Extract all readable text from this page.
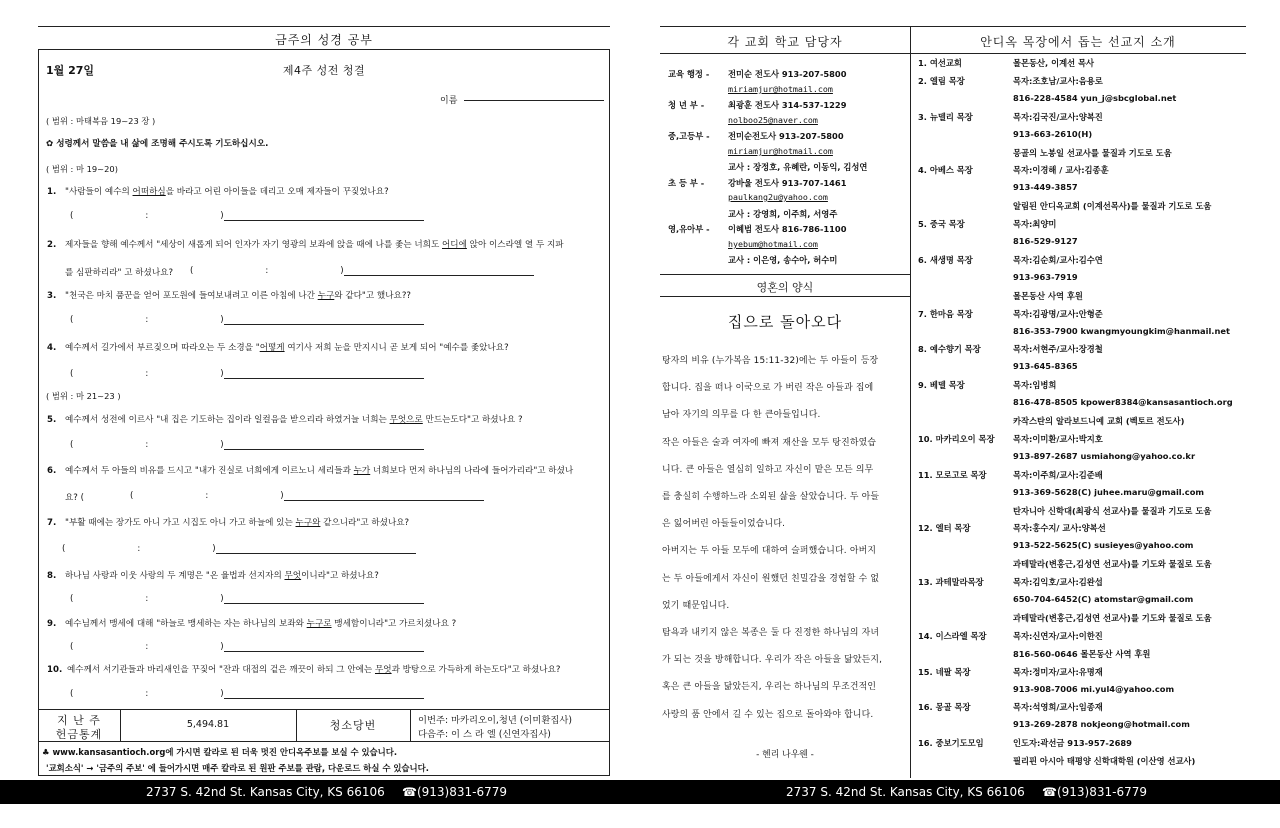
금주의 성경 공부
1월 27일	제4주 성전 청결
이름
( 범위 : 마태복음 19~23 장 )
✿ 성령께서 말씀을 내 삶에 조명해 주시도록 기도하십시오.
( 범위 : 마 19~20)
1. "사람들이 예수의 어떠하심을 바라고 어린 아이들을 데리고 오매 제자들이 꾸짖었나요?
(	:	)
2. 제자들을 향해 예수께서 "세상이 새롭게 되어 인자가 자기 영광의 보좌에 앉을 때에 나를 좇는 너희도 어디에 앉아 이스라엘 열 두 지파
(	:	)
를 심판하리라" 고 하셨나요?
3. "천국은 마치 품꾼을 얻어 포도원에 들여보내려고 이른 아침에 나간 누구와 같다"고 했나요??
(	:	)
4. 예수께서 길가에서 부르짖으며 따라오는 두 소경을 "어떻게 여기사 저희 눈을 만지시니 곧 보게 되어 "예수를 좇았나요?
(	:	)
5. 예수께서 성전에 이르사 "내 집은 기도하는 집이라 일컬음을 받으리라 하였거늘 너희는 무엇으로 만드는도다"고 하셨나요 ?
(	:	)
6. 예수께서 두 아들의 비유를 드시고 "내가 진실로 너희에게 이르노니 세리들과 누가 너희보다 먼저 하나님의 나라에 들어가리라"고 하셨나
(	:	)
요? (
7. "부활 때에는 장가도 아니 가고 시집도 아니 가고 하늘에 있는 누구와 같으니라"고 하셨나요?
(	:	)
8. 하나님 사랑과 이웃 사랑의 두 계명은 "온 율법과 선지자의 무엇이니라"고 하셨나요?
(	:	)
9. 예수님께서 맹세에 대해 "하늘로 맹세하는 자는 하나님의 보좌와 누구로 맹세함이니라"고 가르치셨나요 ?
(	:	)
10. 예수께서 서기관들과 바리새인을 꾸짖어 "잔과 대접의 겉은 깨끗이 하되 그 안에는 무엇과 방탕으로 가득하게 하는도다"고 하셨나요?
(	:	)
( 범위 : 마 21~23 )
지 난 주
헌금통계
5,494.81	청소당번	이번주: 마카리오이,청년 (이미환집사)
다음주: 이 스 라 엘 (신연자집사)
♣ www.kansasantioch.org에 가시면 칼라로 된 더욱 멋진 안디옥주보를 보실 수 있습니다.
'교회소식' → '금주의 주보' 에 들어가시면 매주 칼라로 된 원판 주보를 관람, 다운로드 하실 수 있습니다.
각 교회 학교 담당자
교육 행정 -전미순 전도사 913-207-5800
miriamjur@hotmail.com
청 년 부 -	최광훈 전도사 314-537-1229
nolboo25@naver.com
중,고등부 -전미순전도사 913-207-5800
miriamjur@hotmail.com
교사 : 장정호, 유혜란, 이동익, 김성연
초 등 부 -	강바울 전도사 913-707-1461
paulkang2u@yahoo.com
교사 : 강영희, 이주희, 서영주
영,유아부 -이혜범 전도사 816-786-1100
hyebum@hotmail.com
교사 : 이은영, 송수아, 허수미
영혼의 양식
집으로 돌아오다
탕자의 비유 (누가복음 15:11-32)에는 두 아들이 등장
합니다. 집을 떠나 이국으로 가 버린 작은 아들과 집에
남아 자기의 의무를 다 한 큰아들입니다.
작은 아들은 술과 여자에 빠져 재산을 모두 탕진하였습
니다. 큰 아들은 열심히 일하고 자신이 맡은 모든 의무
를 충실히 수행하느라 소외된 삶을 살았습니다. 두 아들
은 잃어버린 아들들이었습니다.
아버지는 두 아들 모두에 대하여 슬퍼했습니다. 아버지
는 두 아들에게서 자신이 원했던 친밀감을 경험할 수 없
었기 때문입니다.
탐욕과 내키지 않은 복종은 둘 다 진정한 하나님의 자녀
가 되는 것을 방해합니다. 우리가 작은 아들을 닮았든지,
혹은 큰 아들을 닮았든지, 우리는 하나님의 무조건적인
사랑의 품 안에서 길 수 있는 집으로 돌아와야 합니다.
- 헨리 나우웬 -
안디옥 목장에서 돕는 선교지 소개
1. 여선교회	몰몬동산, 이계선 목사
2. 엘림 목장	목자:조호남/교사:음용로
816-228-4584 yun_j@sbcglobal.net
3. 뉴델리 목장	목자:김국진/교사:양복진
913-663-2610(H)
몽골의 노봉일 선교사를 물질과 기도로 도움
4. 아베스 목장	목자:이경해 / 교사:김종훈
913-449-3857
알림된 안디옥교회 (이계선목사)를 물질과 기도로 도움
5. 중국 목장	목자:최양미
816-529-9127
6. 새생명 목장	목자:김순회/교사:김수연
913-963-7919
몰몬동산 사역 후원
7. 한마음 목장	목자:김광명/교사:안형준
816-353-7900 kwangmyoungkim@hanmail.net
8. 예수향기 목장	목자:서현주/교사:장경철
913-645-8365
9. 베델 목장	목자:임병희
816-478-8505 kpower8384@kansasantioch.org
카작스탄의 알라보드니예 교회 (벡토르 전도사)
10. 마카리오이 목장 목자:이미환/교사:박지호
913-897-2687 usmiahong@yahoo.co.kr
11. 모로고로 목장	목자:이주희/교사:김준배
913-369-5628(C) juhee.maru@gmail.com
탄자니아 신학대(최광식 선교사)를 물질과 기도로 도움
12. 엘터 목장	목자:홍수지/ 교사:양복선
913-522-5625(C) susieyes@yahoo.com
과테말라(변홍근,김성연 선교사)를 기도와 물질로 도움
13. 과테말라목장	목자:김익호/교사:김완섭
650-704-6452(C) atomstar@gmail.com
과테말라(변홍근,김성연 선교사)를 기도와 물질로 도움
14. 이스라엘 목장	목자:신연자/교사:이한진
816-560-0646 몰몬동산 사역 후원
15. 네팔 목장	목자:정미자/교사:유명재
913-908-7006 mi.yul4@yahoo.com
16. 몽골 목장	목자:석영희/교사:임종재
913-269-2878 nokjeong@hotmail.com
16. 중보기도모임	인도자:곽선금 913-957-2689
필리핀 아시아 태평양 신학대학원 (이산영 선교사)
2737 S. 42nd St. Kansas City, KS 66106 ☎(913)831-6779	2737 S. 42nd St. Kansas City, KS 66106 ☎(913)831-6779
